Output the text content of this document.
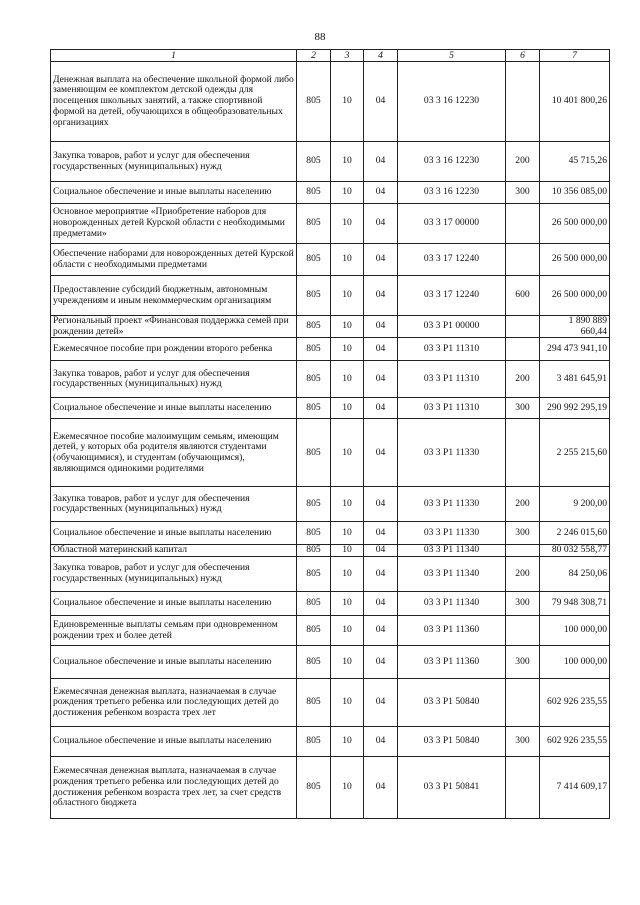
88
1	2	3	4	5	6	7
Денежная выплата на обеспечение школьной формой либо заменяющим ее комплектом детской одежды для посещения школьных занятий, а также спортивной формой на детей, обучающихся в общеобразовательных организациях	805	10	04	03 3 16 12230		10 401 800,26
Закупка товаров, работ и услуг для обеспечения государственных (муниципальных) нужд	805	10	04	03 3 16 12230	200	45 715,26
Социальное обеспечение и иные выплаты населению	805	10	04	03 3 16 12230	300	10 356 085,00
Основное мероприятие «Приобретение наборов для новорожденных детей Курской области с необходимыми предметами»	805	10	04	03 3 17 00000		26 500 000,00
Обеспечение наборами для новорожденных детей Курской области с необходимыми предметами	805	10	04	03 3 17 12240		26 500 000,00
Предоставление субсидий бюджетным, автономным учреждениям и иным некоммерческим организациям	805	10	04	03 3 17 12240	600	26 500 000,00
Региональный проект «Финансовая поддержка семей при рождении детей»	805	10	04	03 3 P1 00000		1 890 889 660,44
Ежемесячное пособие при рождении второго ребенка	805	10	04	03 3 P1 11310		294 473 941,10
Закупка товаров, работ и услуг для обеспечения государственных (муниципальных) нужд	805	10	04	03 3 P1 11310	200	3 481 645,91
Социальное обеспечение и иные выплаты населению	805	10	04	03 3 P1 11310	300	290 992 295,19
Ежемесячное пособие малоимущим семьям, имеющим детей, у которых оба родителя являются студентами (обучающимися), и студентам (обучающимся), являющимся одинокими родителями	805	10	04	03 3 P1 11330		2 255 215,60
Закупка товаров, работ и услуг для обеспечения государственных (муниципальных) нужд	805	10	04	03 3 P1 11330	200	9 200,00
Социальное обеспечение и иные выплаты населению	805	10	04	03 3 P1 11330	300	2 246 015,60
Областной материнский капитал	805	10	04	03 3 P1 11340		80 032 558,77
Закупка товаров, работ и услуг для обеспечения государственных (муниципальных) нужд	805	10	04	03 3 P1 11340	200	84 250,06
Социальное обеспечение и иные выплаты населению	805	10	04	03 3 P1 11340	300	79 948 308,71
Единовременные выплаты семьям при одновременном рождении трех и более детей	805	10	04	03 3 P1 11360		100 000,00
Социальное обеспечение и иные выплаты населению	805	10	04	03 3 P1 11360	300	100 000,00
Ежемесячная денежная выплата, назначаемая в случае рождения третьего ребенка или последующих детей до достижения ребенком возраста трех лет	805	10	04	03 3 P1 50840		602 926 235,55
Социальное обеспечение и иные выплаты населению	805	10	04	03 3 P1 50840	300	602 926 235,55
Ежемесячная денежная выплата, назначаемая в случае рождения третьего ребенка или последующих детей до достижения ребенком возраста трех лет, за счет средств областного бюджета	805	10	04	03 3 P1 50841		7 414 609,17
